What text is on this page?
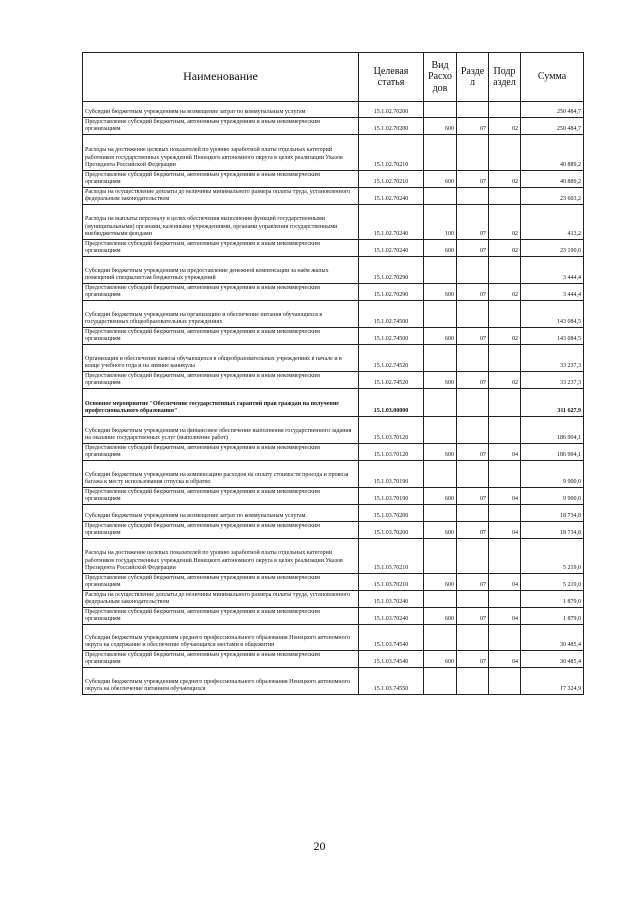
Наименование	Целевая статья	Вид Расхо дов	Разде л	Подр аздел	Сумма
Субсидии бюджетным учреждениям на возмещение затрат по коммунальным услугам	15.1.02.70200				250 484,7
Предоставление субсидий бюджетным, автономным учреждениям и иным некоммерческим организациям	15.1.02.70200	600	07	02	250 484,7
Расходы на достижение целевых показателей по уровню заработной платы отдельных категорий работников государственных учреждений Ненецкого автономного округа в целях реализации Указов Президента Российской Федерации	15.1.02.70210				40 889,2
Предоставление субсидий бюджетным, автономным учреждениям и иным некоммерческим организациям	15.1.02.70210	600	07	02	40 889,2
Расходы на осуществление доплаты до величины минимального размера оплаты труда, установленного федеральным законодательством	15.1.02.70240				23 603,2
Расходы на выплаты персоналу в целях обеспечения выполнения функций государственными (муниципальными) органами, казенными учреждениями, органами управления государственными внебюджетными фондами	15.1.02.70240	100	07	02	413,2
Предоставление субсидий бюджетным, автономным учреждениям и иным некоммерческим организациям	15.1.02.70240	600	07	02	23 190,0
Субсидии бюджетным учреждениям на предоставление денежной компенсации за наём жилых помещений специалистам бюджетных учреждений	15.1.02.70290				3 444,4
Предоставление субсидий бюджетным, автономным учреждениям и иным некоммерческим организациям	15.1.02.70290	600	07	02	3 444,4
Субсидии бюджетным учреждениям на организацию и обеспечение питания обучающихся в государственных общеобразовательных учреждениях	15.1.02.74500				143 084,5
Предоставление субсидий бюджетным, автономным учреждениям и иным некоммерческим организациям	15.1.02.74500	600	07	02	143 084,5
Организация и обеспечение вывоза обучающихся в общеобразовательных учреждениях в начале и в конце учебного года и на зимние каникулы	15.1.02.74520				33 237,3
Предоставление субсидий бюджетным, автономным учреждениям и иным некоммерческим организациям	15.1.02.74520	600	07	02	33 237,3
Основное мероприятие "Обеспечение государственных гарантий прав граждан на получение профессионального образования"	15.1.03.00000				311 627,9
Субсидии бюджетным учреждениям на финансовое обеспечение выполнения государственного задания на оказание государственных услуг (выполнение работ)	15.1.03.70120				186 904,1
Предоставление субсидий бюджетным, автономным учреждениям и иным некоммерческим организациям	15.1.03.70120	600	07	04	186 904,1
Субсидии бюджетным учреждениям на компенсацию расходов на оплату стоимости проезда и провоза багажа к месту использования отпуска и обратно	15.1.03.70190				9 900,0
Предоставление субсидий бюджетным, автономным учреждениям и иным некоммерческим организациям	15.1.03.70190	600	07	04	9 900,0
Субсидии бюджетным учреждениям на возмещение затрат по коммунальным услугам	15.1.03.70200				18 734,8
Предоставление субсидий бюджетным, автономным учреждениям и иным некоммерческим организациям	15.1.03.70200	600	07	04	18 734,8
Расходы на достижение целевых показателей по уровню заработной платы отдельных категорий работников государственных учреждений Ненецкого автономного округа в целях реализации Указов Президента Российской Федерации	15.1.03.70210				5 219,0
Предоставление субсидий бюджетным, автономным учреждениям и иным некоммерческим организациям	15.1.03.70210	600	07	04	5 219,0
Расходы на осуществление доплаты до величины минимального размера оплаты труда, установленного федеральным законодательством	15.1.03.70240				1 879,0
Предоставление субсидий бюджетным, автономным учреждениям и иным некоммерческим организациям	15.1.03.70240	600	07	04	1 879,0
Субсидии бюджетным учреждениям среднего профессионального образования Ненецкого автономного округа на содержание и обеспечение обучающихся местами в общежитии	15.1.03.74540				30 485,4
Предоставление субсидий бюджетным, автономным учреждениям и иным некоммерческим организациям	15.1.03.74540	600	07	04	30 485,4
Субсидии бюджетным учреждениям среднего профессионального образования Ненецкого автономного округа на обеспечение питанием обучающихся	15.1.03.74550				17 324,9
20
